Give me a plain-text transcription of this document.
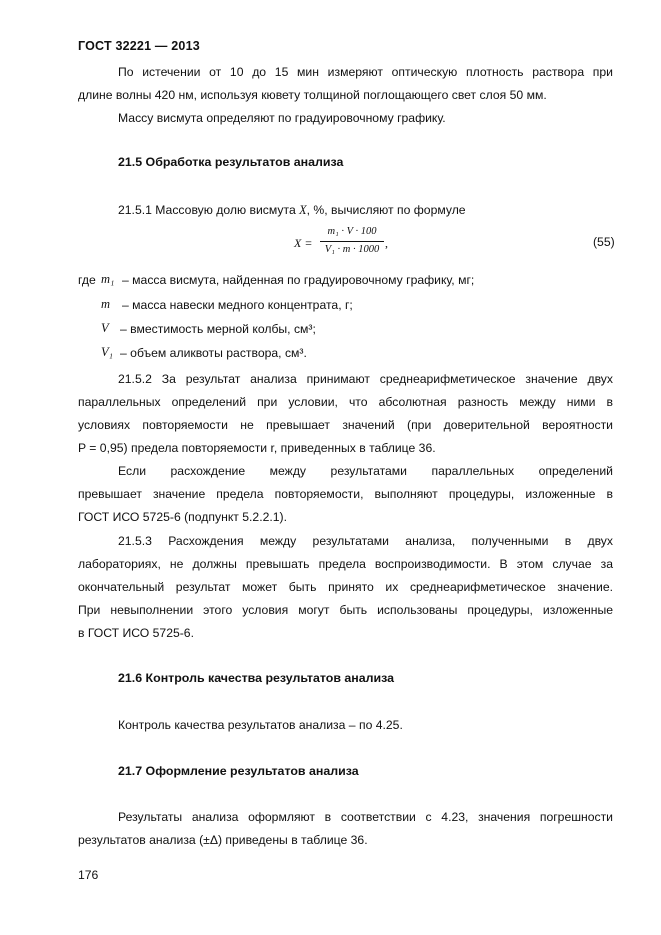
ГОСТ 32221 — 2013
По истечении от 10 до 15 мин измеряют оптическую плотность раствора при
длине волны 420 нм, используя кювету толщиной поглощающего свет слоя 50 мм.
Массу висмута определяют по градуировочному графику.
21.5 Обработка результатов анализа
21.5.1 Массовую долю висмута X, %, вычисляют по формуле
X =
m₁ · V · 100
V₁ · m · 1000 ,	(55)
где m₁ – масса висмута, найденная по градуировочному графику, мг;
m – масса навески медного концентрата, г;
V – вместимость мерной колбы, см³;
V₁ – объем аликвоты раствора, см³.
21.5.2 За результат анализа принимают среднеарифметическое значение двух
параллельных определений при условии, что абсолютная разность между ними в
условиях повторяемости не превышает значений (при доверительной вероятности
P = 0,95) предела повторяемости r, приведенных в таблице 36.
Если расхождение между результатами параллельных определений
превышает значение предела повторяемости, выполняют процедуры, изложенные в
ГОСТ ИСО 5725-6 (подпункт 5.2.2.1).
21.5.3 Расхождения между результатами анализа, полученными в двух
лабораториях, не должны превышать предела воспроизводимости. В этом случае за
окончательный результат может быть принято их среднеарифметическое значение.
При невыполнении этого условия могут быть использованы процедуры, изложенные
в ГОСТ ИСО 5725-6.
21.6 Контроль качества результатов анализа
Контроль качества результатов анализа – по 4.25.
21.7 Оформление результатов анализа
Результаты анализа оформляют в соответствии с 4.23, значения погрешности
результатов анализа (±Δ) приведены в таблице 36.
176
